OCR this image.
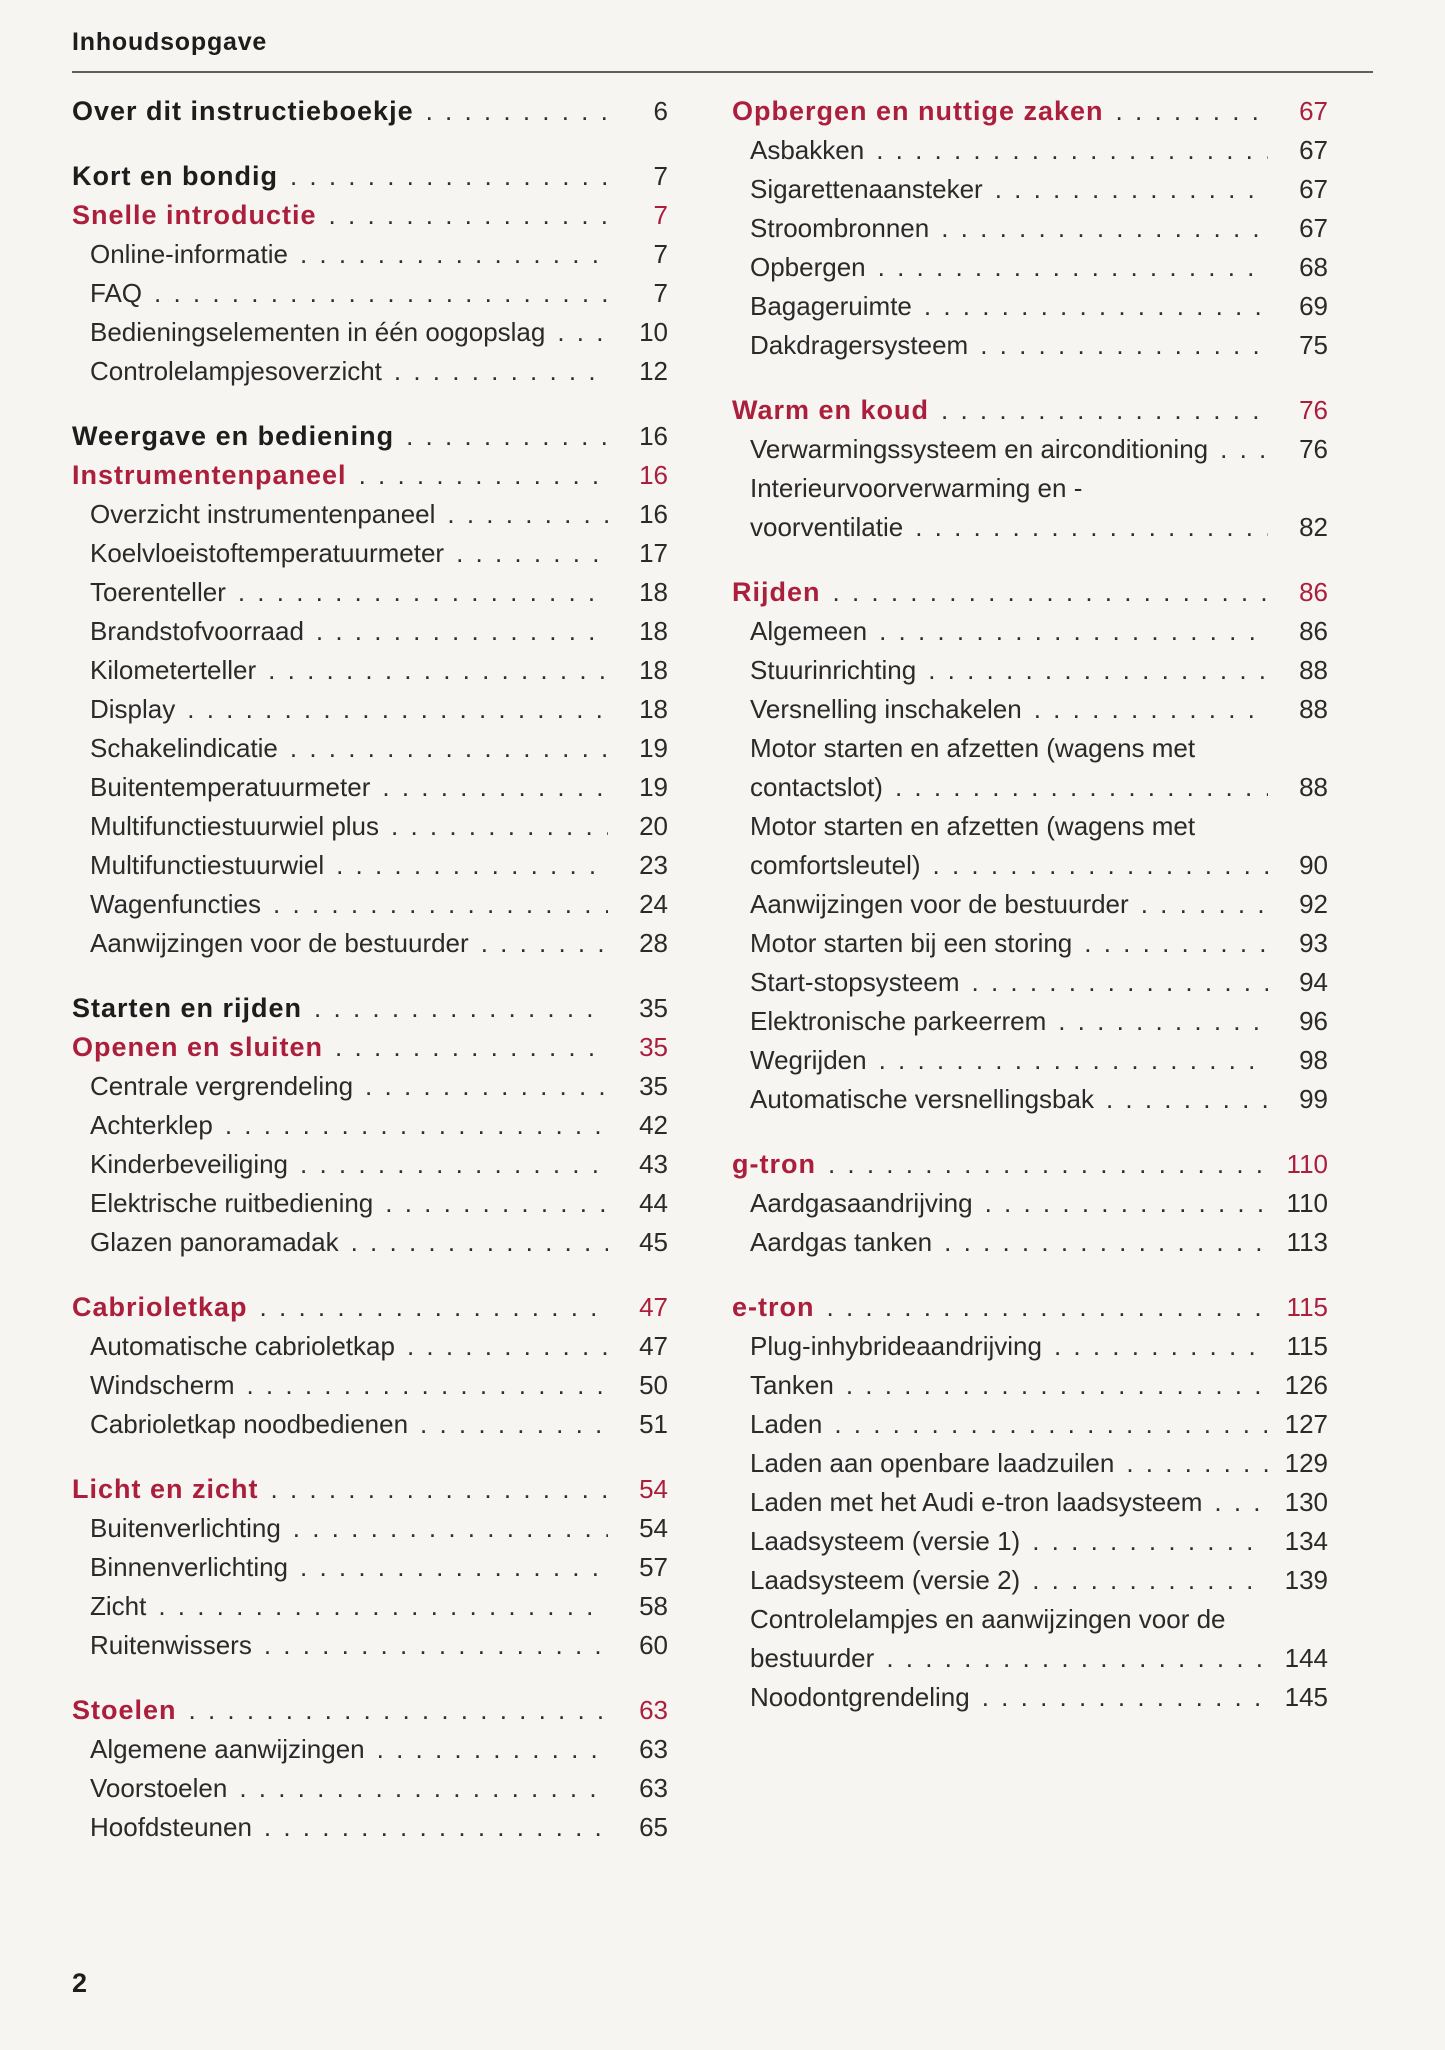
Inhoudsopgave
Over dit instructieboekje . . .	6
Kort en bondig . . .	7
Snelle introductie . . .	7
Online-informatie . . .	7
FAQ . . .	7
Bedieningselementen in één oogopslag . . .	10
Controlelampjesoverzicht . . .	12
Weergave en bediening . . .	16
Instrumentenpaneel . . .	16
Overzicht instrumentenpaneel . . .	16
Koelvloeistoftemperatuurmeter . . .	17
Toerenteller . . .	18
Brandstofvoorraad . . .	18
Kilometerteller . . .	18
Display . . .	18
Schakelindicatie . . .	19
Buitentemperatuurmeter . . .	19
Multifunctiestuurwiel plus . . .	20
Multifunctiestuurwiel . . .	23
Wagenfuncties . . .	24
Aanwijzingen voor de bestuurder . . .	28
Starten en rijden . . .	35
Openen en sluiten . . .	35
Centrale vergrendeling . . .	35
Achterklep . . .	42
Kinderbeveiliging . . .	43
Elektrische ruitbediening . . .	44
Glazen panoramadak . . .	45
Cabrioletkap . . .	47
Automatische cabrioletkap . . .	47
Windscherm . . .	50
Cabrioletkap noodbedienen . . .	51
Licht en zicht . . .	54
Buitenverlichting . . .	54
Binnenverlichting . . .	57
Zicht . . .	58
Ruitenwissers . . .	60
Stoelen . . .	63
Algemene aanwijzingen . . .	63
Voorstoelen . . .	63
Hoofdsteunen . . .	65
Opbergen en nuttige zaken . . .	67
Asbakken . . .	67
Sigarettenaansteker . . .	67
Stroombronnen . . .	67
Opbergen . . .	68
Bagageruimte . . .	69
Dakdragersysteem . . .	75
Warm en koud . . .	76
Verwarmingssysteem en airconditioning . . .	76
Interieurvoorverwarming en -
voorventilatie . . .	82
Rijden . . .	86
Algemeen . . .	86
Stuurinrichting . . .	88
Versnelling inschakelen . . .	88
Motor starten en afzetten (wagens met
contactslot) . . .	88
Motor starten en afzetten (wagens met
comfortsleutel) . . .	90
Aanwijzingen voor de bestuurder . . .	92
Motor starten bij een storing . . .	93
Start-stopsysteem . . .	94
Elektronische parkeerrem . . .	96
Wegrijden . . .	98
Automatische versnellingsbak . . .	99
g-tron . . .	110
Aardgasaandrijving . . .	110
Aardgas tanken . . .	113
e-tron . . .	115
Plug-inhybrideaandrijving . . .	115
Tanken . . .	126
Laden . . .	127
Laden aan openbare laadzuilen . . .	129
Laden met het Audi e-tron laadsysteem . . .	130
Laadsysteem (versie 1) . . .	134
Laadsysteem (versie 2) . . .	139
Controlelampjes en aanwijzingen voor de
bestuurder . . .	144
Noodontgrendeling . . .	145
2
